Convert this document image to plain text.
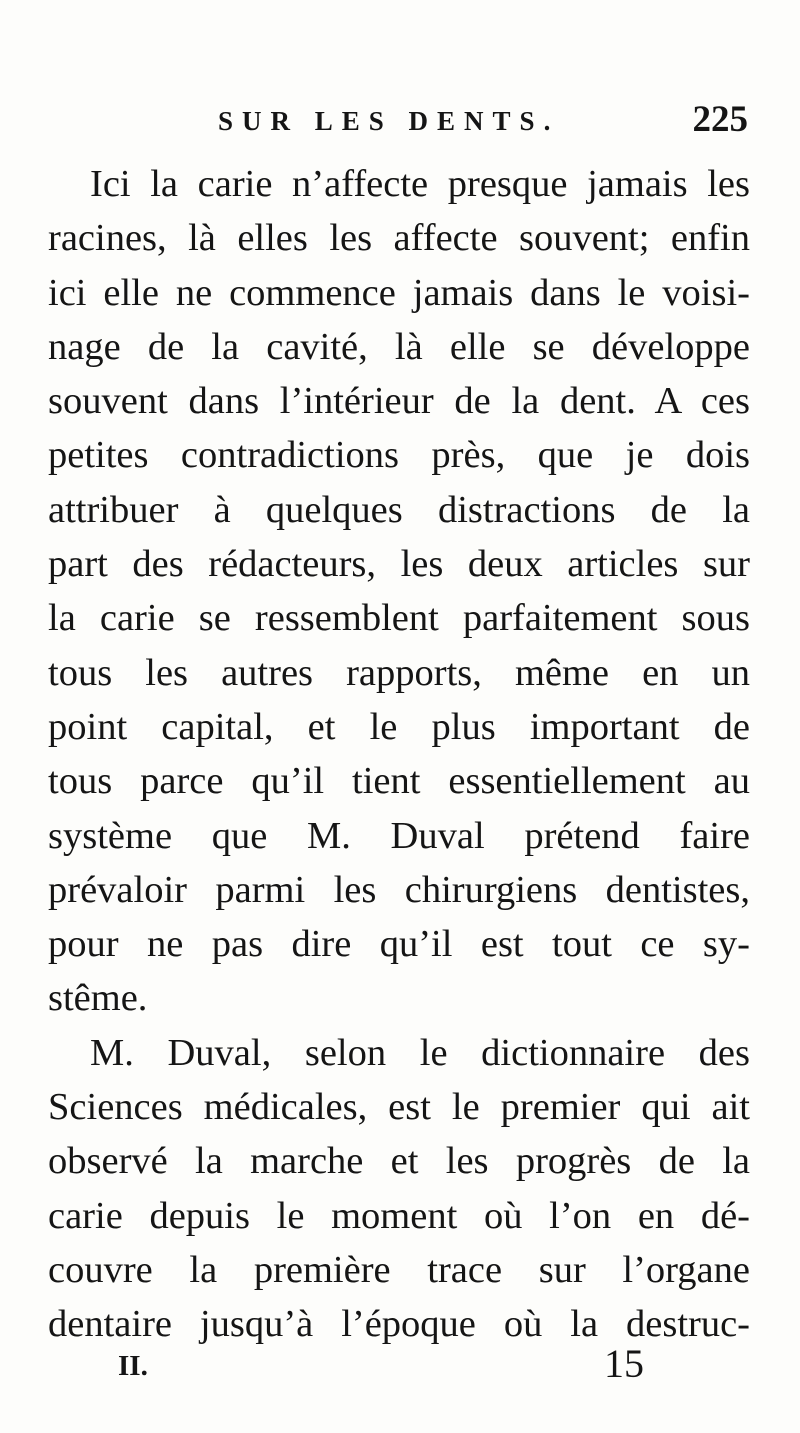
SUR LES DENTS.	225
Ici la carie n’affecte presque jamais les
racines, là elles les affecte souvent; enfin
ici elle ne commence jamais dans le voisi-
nage de la cavité, là elle se développe
souvent dans l’intérieur de la dent. A ces
petites contradictions près, que je dois
attribuer à quelques distractions de la
part des rédacteurs, les deux articles sur
la carie se ressemblent parfaitement sous
tous les autres rapports, même en un
point capital, et le plus important de
tous parce qu’il tient essentiellement au
système que M. Duval prétend faire
prévaloir parmi les chirurgiens dentistes,
pour ne pas dire qu’il est tout ce sy-
stême.
M. Duval, selon le dictionnaire des
Sciences médicales, est le premier qui ait
observé la marche et les progrès de la
carie depuis le moment où l’on en dé-
couvre la première trace sur l’organe
dentaire jusqu’à l’époque où la destruc-
II.	15
